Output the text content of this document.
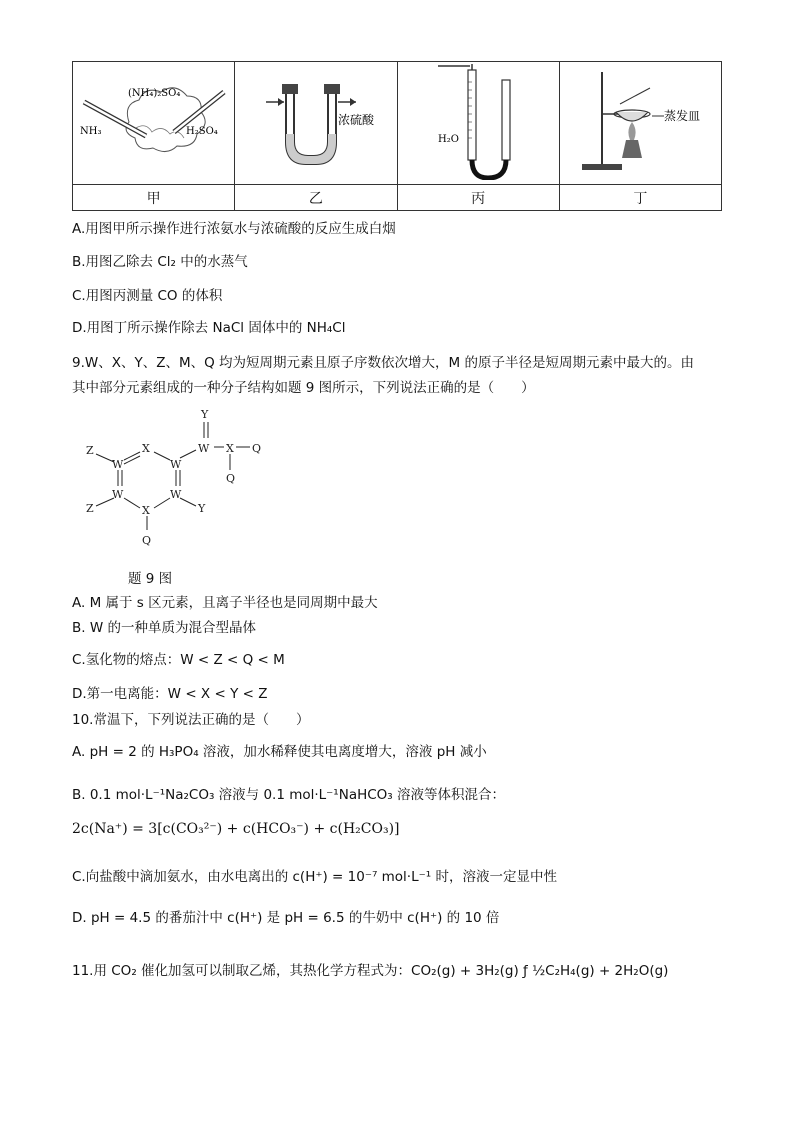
NH₃
(NH₄)₂SO₄
H₂SO₄	浓硫酸	H₂O	蒸发皿

甲	乙	丙	丁
A.用图甲所示操作进行浓氨水与浓硫酸的反应生成白烟
B.用图乙除去 Cl₂ 中的水蒸气
C.用图丙测量 CO 的体积
D.用图丁所示操作除去 NaCl 固体中的 NH₄Cl
9.W、X、Y、Z、M、Q 均为短周期元素且原子序数依次增大，M 的原子半径是短周期元素中最大的。由
其中部分元素组成的一种分子结构如题 9 图所示，下列说法正确的是（　　）
Y
Z	X	W
W	W
X Q
Q
W	W
Z	X	Y
Q
题 9 图
A. M 属于 s 区元素，且离子半径也是同周期中最大
B. W 的一种单质为混合型晶体
C.氢化物的熔点：W < Z < Q < M
D.第一电离能：W < X < Y < Z
10.常温下，下列说法正确的是（　　）
A. pH = 2 的 H₃PO₄ 溶液，加水稀释使其电离度增大，溶液 pH 减小
B. 0.1 mol·L⁻¹Na₂CO₃ 溶液与 0.1 mol·L⁻¹NaHCO₃ 溶液等体积混合：
2c(Na⁺) = 3[c(CO₃²⁻) + c(HCO₃⁻) + c(H₂CO₃)]
C.向盐酸中滴加氨水，由水电离出的 c(H⁺) = 10⁻⁷ mol·L⁻¹ 时，溶液一定显中性
D. pH = 4.5 的番茄汁中 c(H⁺) 是 pH = 6.5 的牛奶中 c(H⁺) 的 10 倍
11.用 CO₂ 催化加氢可以制取乙烯，其热化学方程式为：CO₂(g) + 3H₂(g) ƒ ½C₂H₄(g) + 2H₂O(g)
